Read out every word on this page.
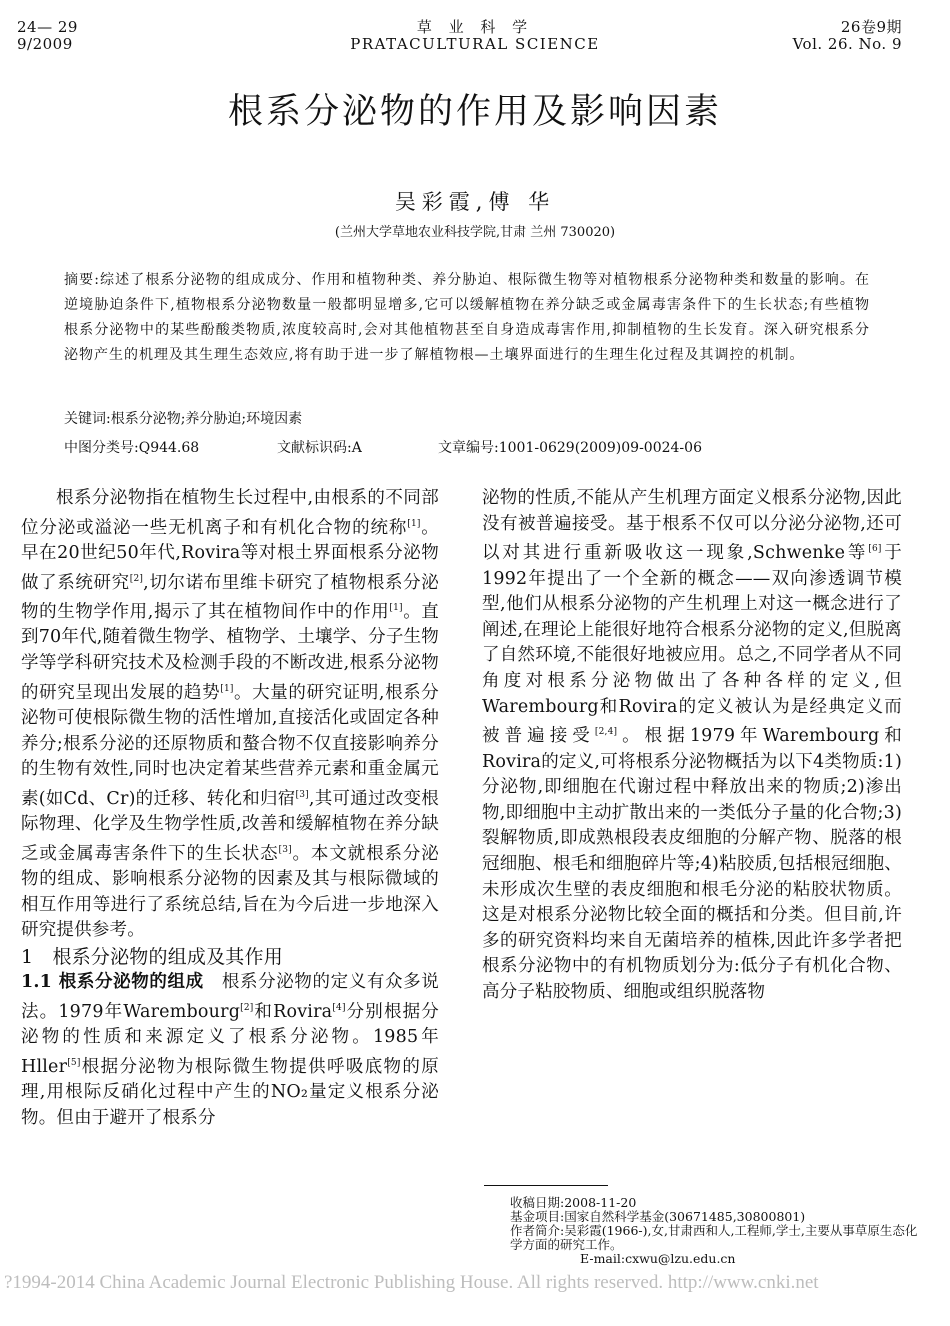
24— 29
9/2009
草 业 科 学
PRATACULTURAL SCIENCE
26卷9期
Vol. 26. No. 9
根系分泌物的作用及影响因素
吴彩霞,傅 华
(兰州大学草地农业科技学院,甘肃 兰州 730020)
摘要:综述了根系分泌物的组成成分、作用和植物种类、养分胁迫、根际微生物等对植物根系分泌物种类和数量的影响。在逆境胁迫条件下,植物根系分泌物数量一般都明显增多,它可以缓解植物在养分缺乏或金属毒害条件下的生长状态;有些植物根系分泌物中的某些酚酸类物质,浓度较高时,会对其他植物甚至自身造成毒害作用,抑制植物的生长发育。深入研究根系分泌物产生的机理及其生理生态效应,将有助于进一步了解植物根—土壤界面进行的生理生化过程及其调控的机制。
关键词:根系分泌物;养分胁迫;环境因素
中图分类号:Q944.68	文献标识码:A	文章编号:1001-0629(2009)09-0024-06

根系分泌物指在植物生长过程中,由根系的不同部位分泌或溢泌一些无机离子和有机化合物的统称[1]。早在20世纪50年代,Rovira等对根土界面根系分泌物做了系统研究[2],切尔诺布里维卡研究了植物根系分泌物的生物学作用,揭示了其在植物间作中的作用[1]。直到70年代,随着微生物学、植物学、土壤学、分子生物学等学科研究技术及检测手段的不断改进,根系分泌物的研究呈现出发展的趋势[1]。大量的研究证明,根系分泌物可使根际微生物的活性增加,直接活化或固定各种养分;根系分泌的还原物质和螯合物不仅直接影响养分的生物有效性,同时也决定着某些营养元素和重金属元素(如Cd、Cr)的迁移、转化和归宿[3],其可通过改变根际物理、化学及生物学性质,改善和缓解植物在养分缺乏或金属毒害条件下的生长状态[3]。本文就根系分泌物的组成、影响根系分泌物的因素及其与根际微域的相互作用等进行了系统总结,旨在为今后进一步地深入研究提供参考。

1　根系分泌物的组成及其作用

1.1 根系分泌物的组成　根系分泌物的定义有众多说法。1979年Warembourg[2]和Rovira[4]分别根据分泌物的性质和来源定义了根系分泌物。1985年Hller[5]根据分泌物为根际微生物提供呼吸底物的原理,用根际反硝化过程中产生的NO₂量定义根系分泌物。但由于避开了根系分

泌物的性质,不能从产生机理方面定义根系分泌物,因此没有被普遍接受。基于根系不仅可以分泌分泌物,还可以对其进行重新吸收这一现象,Schwenke等[6]于1992年提出了一个全新的概念——双向渗透调节模型,他们从根系分泌物的产生机理上对这一概念进行了阐述,在理论上能很好地符合根系分泌物的定义,但脱离了自然环境,不能很好地被应用。总之,不同学者从不同角度对根系分泌物做出了各种各样的定义,但Warembourg和Rovira的定义被认为是经典定义而被普遍接受[2,4]。根据1979年Warembourg和Rovira的定义,可将根系分泌物概括为以下4类物质:1)分泌物,即细胞在代谢过程中释放出来的物质;2)渗出物,即细胞中主动扩散出来的一类低分子量的化合物;3)裂解物质,即成熟根段表皮细胞的分解产物、脱落的根冠细胞、根毛和细胞碎片等;4)粘胶质,包括根冠细胞、未形成次生壁的表皮细胞和根毛分泌的粘胶状物质。这是对根系分泌物比较全面的概括和分类。但目前,许多的研究资料均来自无菌培养的植株,因此许多学者把根系分泌物中的有机物质划分为:低分子有机化合物、高分子粘胶物质、细胞或组织脱落物

收稿日期:2008-11-20
基金项目:国家自然科学基金(30671485,30800801)
作者简介:吴彩霞(1966-),女,甘肃西和人,工程师,学士,主要从事草原生态化学方面的研究工作。
E-mail:cxwu@lzu.edu.cn
?1994-2014 China Academic Journal Electronic Publishing House. All rights reserved. http://www.cnki.net
